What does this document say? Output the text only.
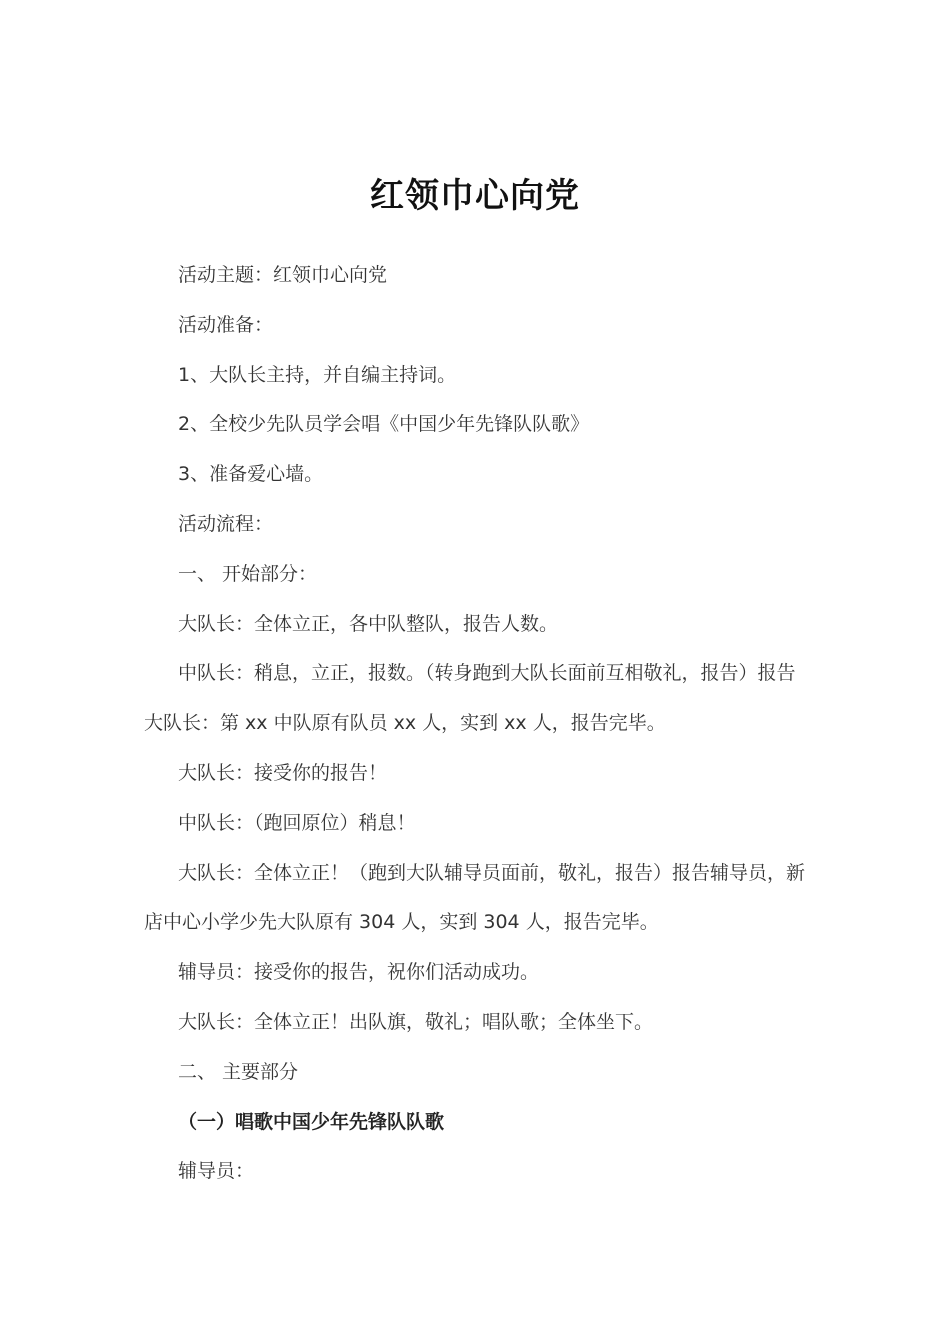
红领巾心向党

活动主题：红领巾心向党

活动准备：

1、大队长主持，并自编主持词。

2、全校少先队员学会唱《中国少年先锋队队歌》

3、准备爱心墙。

活动流程：

一、 开始部分：

大队长：全体立正，各中队整队，报告人数。

中队长：稍息，立正，报数。（转身跑到大队长面前互相敬礼，报告）报告大队长：第 xx 中队原有队员 xx 人，实到 xx 人，报告完毕。

大队长：接受你的报告！

中队长：（跑回原位）稍息！

大队长：全体立正！（跑到大队辅导员面前，敬礼，报告）报告辅导员，新店中心小学少先大队原有 304 人，实到 304 人，报告完毕。

辅导员：接受你的报告，祝你们活动成功。

大队长：全体立正！出队旗，敬礼；唱队歌；全体坐下。

二、 主要部分

（一）唱歌中国少年先锋队队歌

辅导员：
